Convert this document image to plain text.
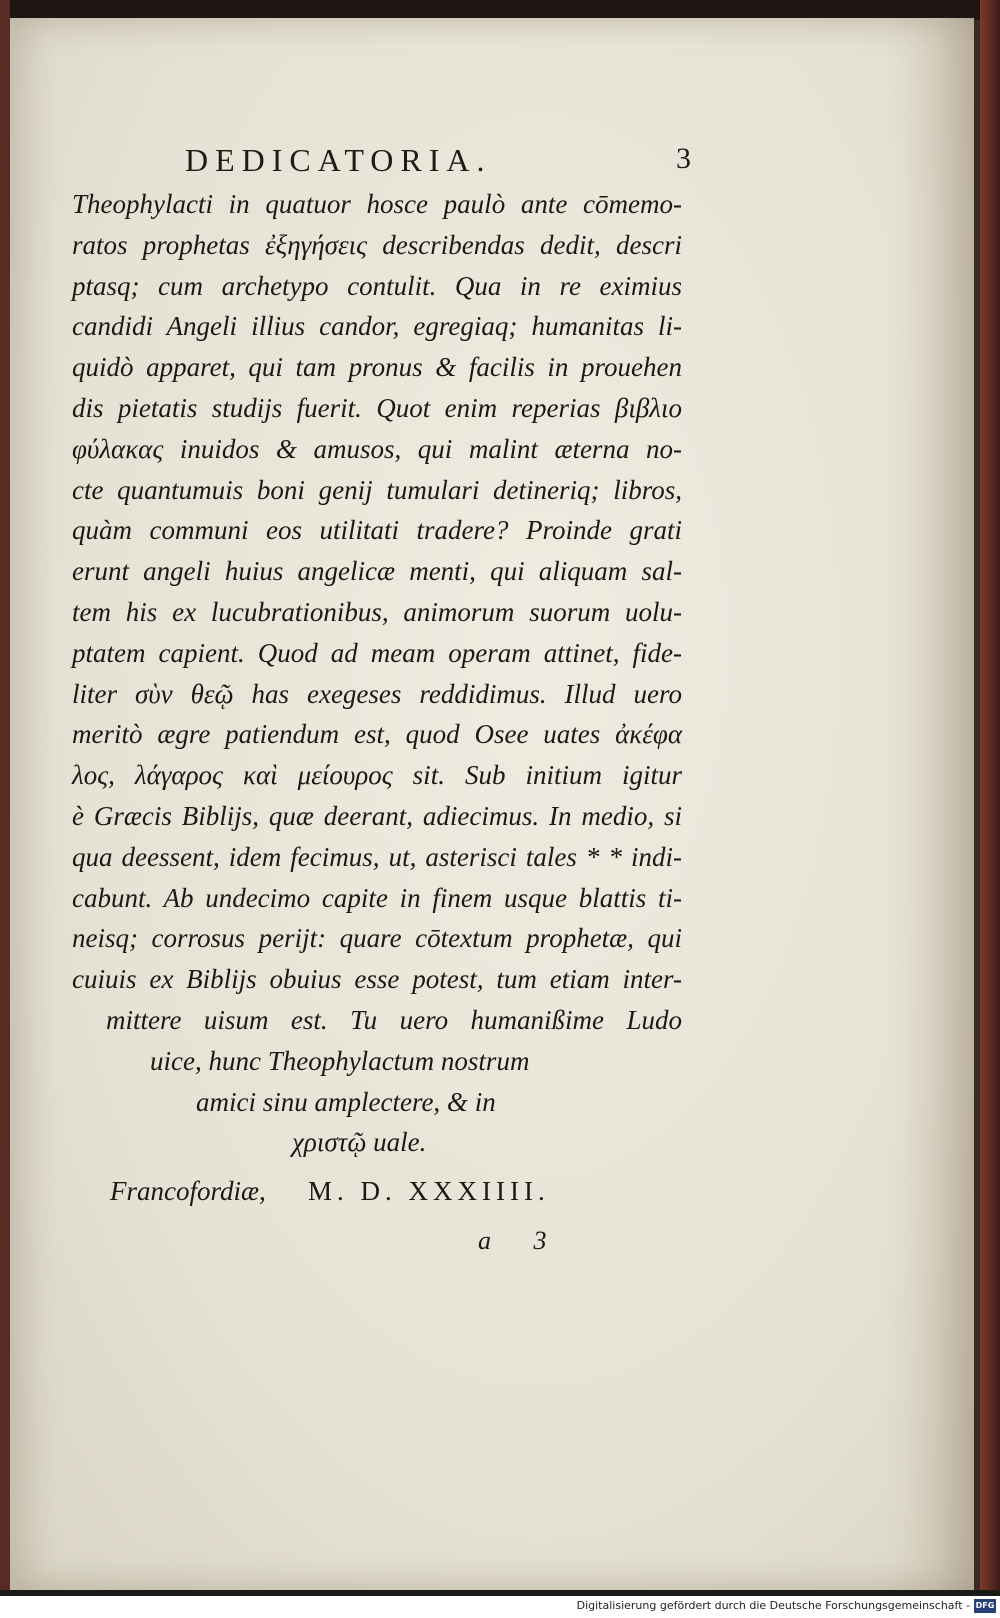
DEDICATORIA.	3
Theophylacti in quatuor hosce paulò ante cōmemo-
ratos prophetas ἐξηγήσεις describendas dedit, descri
ptasq; cum archetypo contulit. Qua in re eximius
candidi Angeli illius candor, egregiaq; humanitas li-
quidò apparet, qui tam pronus & facilis in prouehen
dis pietatis studijs fuerit. Quot enim reperias βιβλιο
φύλακας inuidos & amusos, qui malint æterna no-
cte quantumuis boni genij tumulari detineriq; libros,
quàm communi eos utilitati tradere? Proinde grati
erunt angeli huius angelicæ menti, qui aliquam sal-
tem his ex lucubrationibus, animorum suorum uolu-
ptatem capient. Quod ad meam operam attinet, fide-
liter σὺν θεῷ has exegeses reddidimus. Illud uero
meritò ægre patiendum est, quod Osee uates ἀκέφα
λος, λάγαρος καὶ μείουρος sit. Sub initium igitur
è Græcis Biblijs, quæ deerant, adiecimus. In medio, si
qua deessent, idem fecimus, ut, asterisci tales * * indi-
cabunt. Ab undecimo capite in finem usque blattis ti-
neisq; corrosus perijt: quare cōtextum prophetæ, qui
cuiuis ex Biblijs obuius esse potest, tum etiam inter-
mittere uisum est. Tu uero humanißime Ludo
uice, hunc Theophylactum nostrum
amici sinu amplectere, & in
χριστῷ uale.
Francofordiæ, M. D. XXXIIII.
a 3
Digitalisierung gefördert durch die Deutsche Forschungsgemeinschaft - DFG
